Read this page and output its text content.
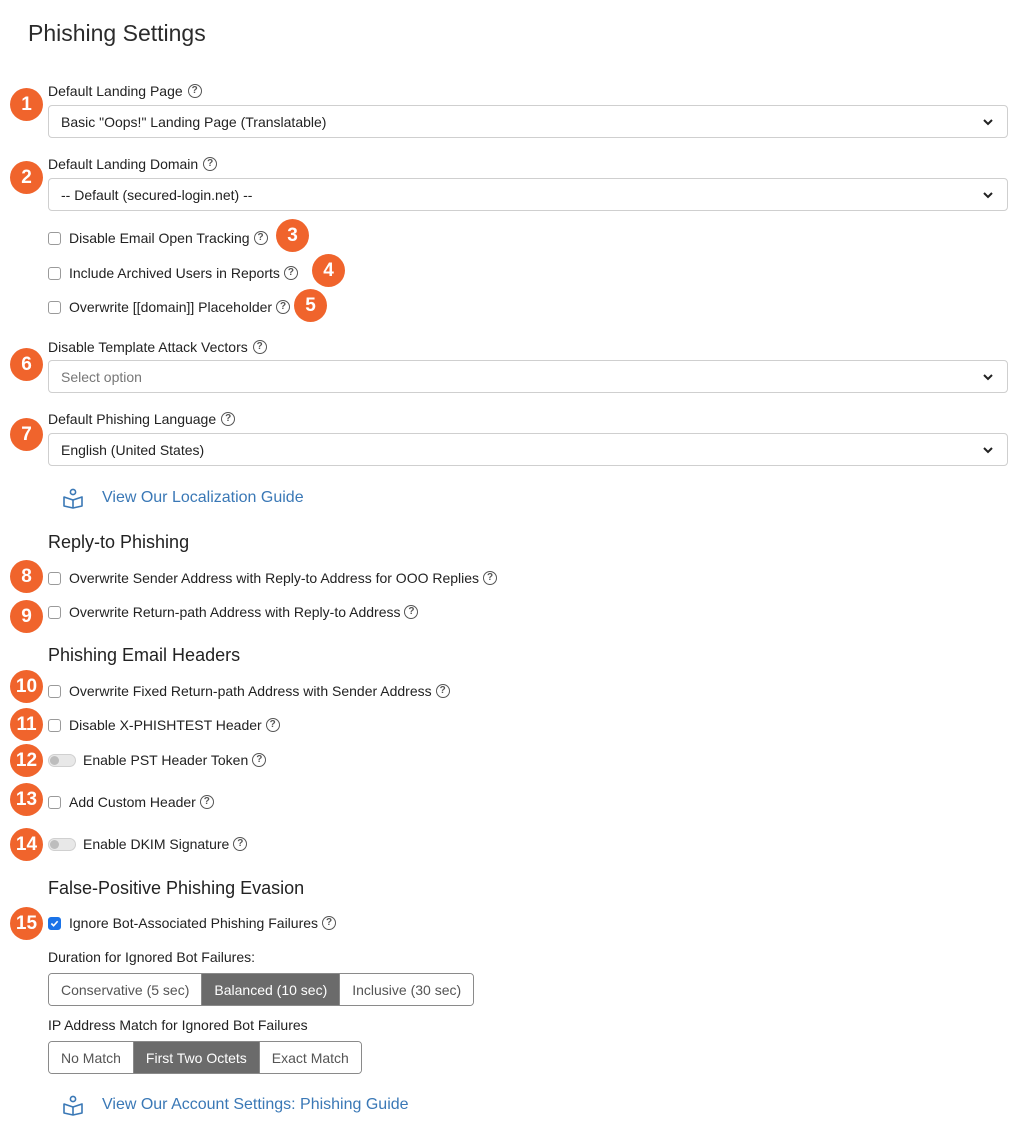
Phishing Settings
1
Default Landing Page ?
Basic "Oops!" Landing Page (Translatable)
2
Default Landing Domain ?
-- Default (secured-login.net) --
Disable Email Open Tracking ?	3
Include Archived Users in Reports ?	4
Overwrite [[domain]] Placeholder ?	5
6
Disable Template Attack Vectors ?
Select option
7
Default Phishing Language ?
English (United States)
View Our Localization Guide
Reply-to Phishing
8	Overwrite Sender Address with Reply-to Address for OOO Replies ?
9	Overwrite Return-path Address with Reply-to Address ?
Phishing Email Headers
10	Overwrite Fixed Return-path Address with Sender Address ?
11	Disable X-PHISHTEST Header ?
12	Enable PST Header Token ?
13	Add Custom Header ?
14	Enable DKIM Signature ?
False-Positive Phishing Evasion
15	Ignore Bot-Associated Phishing Failures ?
Duration for Ignored Bot Failures:
Conservative (5 sec)	Balanced (10 sec)	Inclusive (30 sec)
IP Address Match for Ignored Bot Failures
No Match	First Two Octets	Exact Match
View Our Account Settings: Phishing Guide
